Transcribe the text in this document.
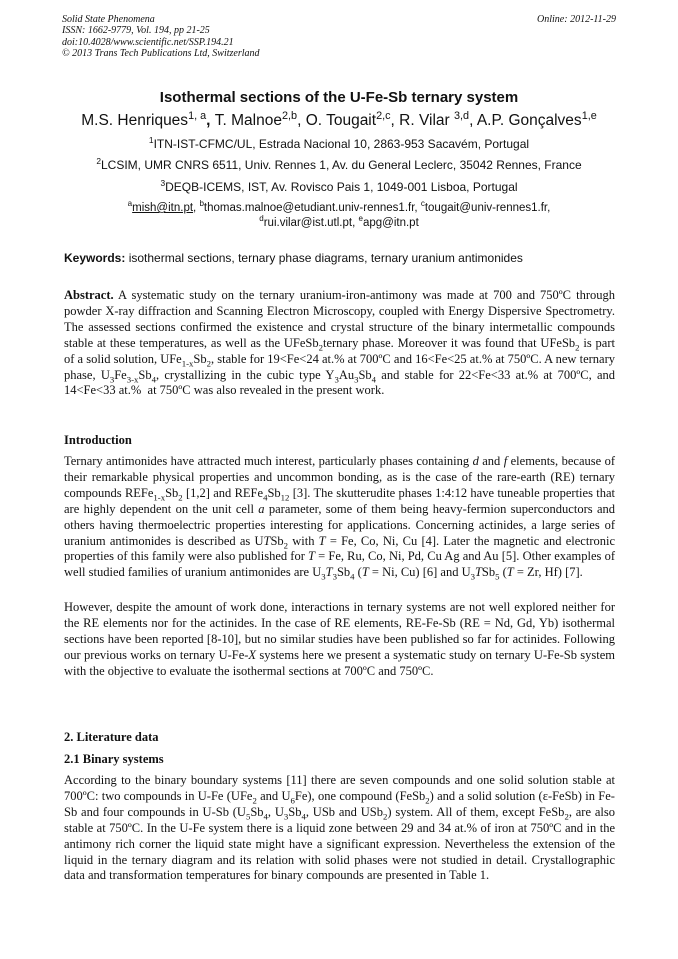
Solid State Phenomena
ISSN: 1662-9779, Vol. 194, pp 21-25
doi:10.4028/www.scientific.net/SSP.194.21
© 2013 Trans Tech Publications Ltd, Switzerland
Online: 2012-11-29
Isothermal sections of the U-Fe-Sb ternary system
M.S. Henriques$^{1, a}$, T. Malnoe$^{2,b}$, O. Tougait$^{2,c}$, R. Vilar $^{3,d}$, A.P. Gonçalves$^{1,e}$
$^1$ITN-IST-CFMC/UL, Estrada Nacional 10, 2863-953 Sacavém, Portugal
$^2$LCSIM, UMR CNRS 6511, Univ. Rennes 1, Av. du General Leclerc, 35042 Rennes, France
$^3$DEQB-ICEMS, IST, Av. Rovisco Pais 1, 1049-001 Lisboa, Portugal
$^a$mish@itn.pt, $^b$thomas.malnoe@etudiant.univ-rennes1.fr, $^c$tougait@univ-rennes1.fr,
$^d$rui.vilar@ist.utl.pt, $^e$apg@itn.pt
Keywords: isothermal sections, ternary phase diagrams, ternary uranium antimonides

Abstract. A systematic study on the ternary uranium-iron-antimony was made at 700 and 750ºC through powder X-ray diffraction and Scanning Electron Microscopy, coupled with Energy Dispersive Spectrometry. The assessed sections confirmed the existence and crystal structure of the binary intermetallic compounds stable at these temperatures, as well as the UFeSb$_2$ternary phase. Moreover it was found that UFeSb$_2$ is part of a solid solution, $UFe_{1-x}Sb_2$, stable for 19<Fe<24 at.% at 700ºC and 16<Fe<25 at.% at 750ºC. A new ternary phase, $U_3Fe_{3-x}Sb_4$, crystallizing in the cubic type $Y_3Au_3Sb_4$ and stable for 22<Fe<33 at.% at 700ºC, and 14<Fe<33 at.%  at 750ºC was also revealed in the present work.

Introduction

Ternary antimonides have attracted much interest, particularly phases containing d and f elements, because of their remarkable physical properties and uncommon bonding, as is the case of the rare-earth (RE) ternary compounds $REFe_{1-x}Sb_2$ [1,2] and $REFe_4Sb_{12}$ [3]. The skutterudite phases 1:4:12 have tuneable properties that are highly dependent on the unit cell a parameter, some of them being heavy-fermion superconductors and others having thermoelectric properties interesting for applications. Concerning actinides, a large series of uranium antimonides is described as UTSb$_2$ with T = Fe, Co, Ni, Cu [4]. Later the magnetic and electronic properties of this family were also published for T = Fe, Ru, Co, Ni, Pd, Cu Ag and Au [5]. Other examples of well studied families of uranium antimonides are $U_3T_3Sb_4$ (T = Ni, Cu) [6] and $U_3TSb_5$ (T = Zr, Hf) [7].

However, despite the amount of work done, interactions in ternary systems are not well explored neither for the RE elements nor for the actinides. In the case of RE elements, RE-Fe-Sb (RE = Nd, Gd, Yb) isothermal sections have been reported [8-10], but no similar studies have been published so far for actinides. Following our previous works on ternary U-Fe-X systems here we present a systematic study on ternary U-Fe-Sb system with the objective to evaluate the isothermal sections at 700ºC and 750ºC.

2. Literature data
2.1 Binary systems

According to the binary boundary systems [11] there are seven compounds and one solid solution stable at 700ºC: two compounds in U-Fe (UFe$_2$ and $U_6Fe$), one compound (FeSb$_2$) and a solid solution (ε-FeSb) in Fe-Sb and four compounds in U-Sb ($U_5Sb_4$, $U_3Sb_4$, USb and USb$_2$) system. All of them, except FeSb$_2$, are also stable at 750ºC. In the U-Fe system there is a liquid zone between 29 and 34 at.% of iron at 750ºC and in the antimony rich corner the liquid state might have a significant expression. Nevertheless the extension of the liquid in the ternary diagram and its relation with solid phases were not studied in detail. Crystallographic data and transformation temperatures for binary compounds are presented in Table 1.
